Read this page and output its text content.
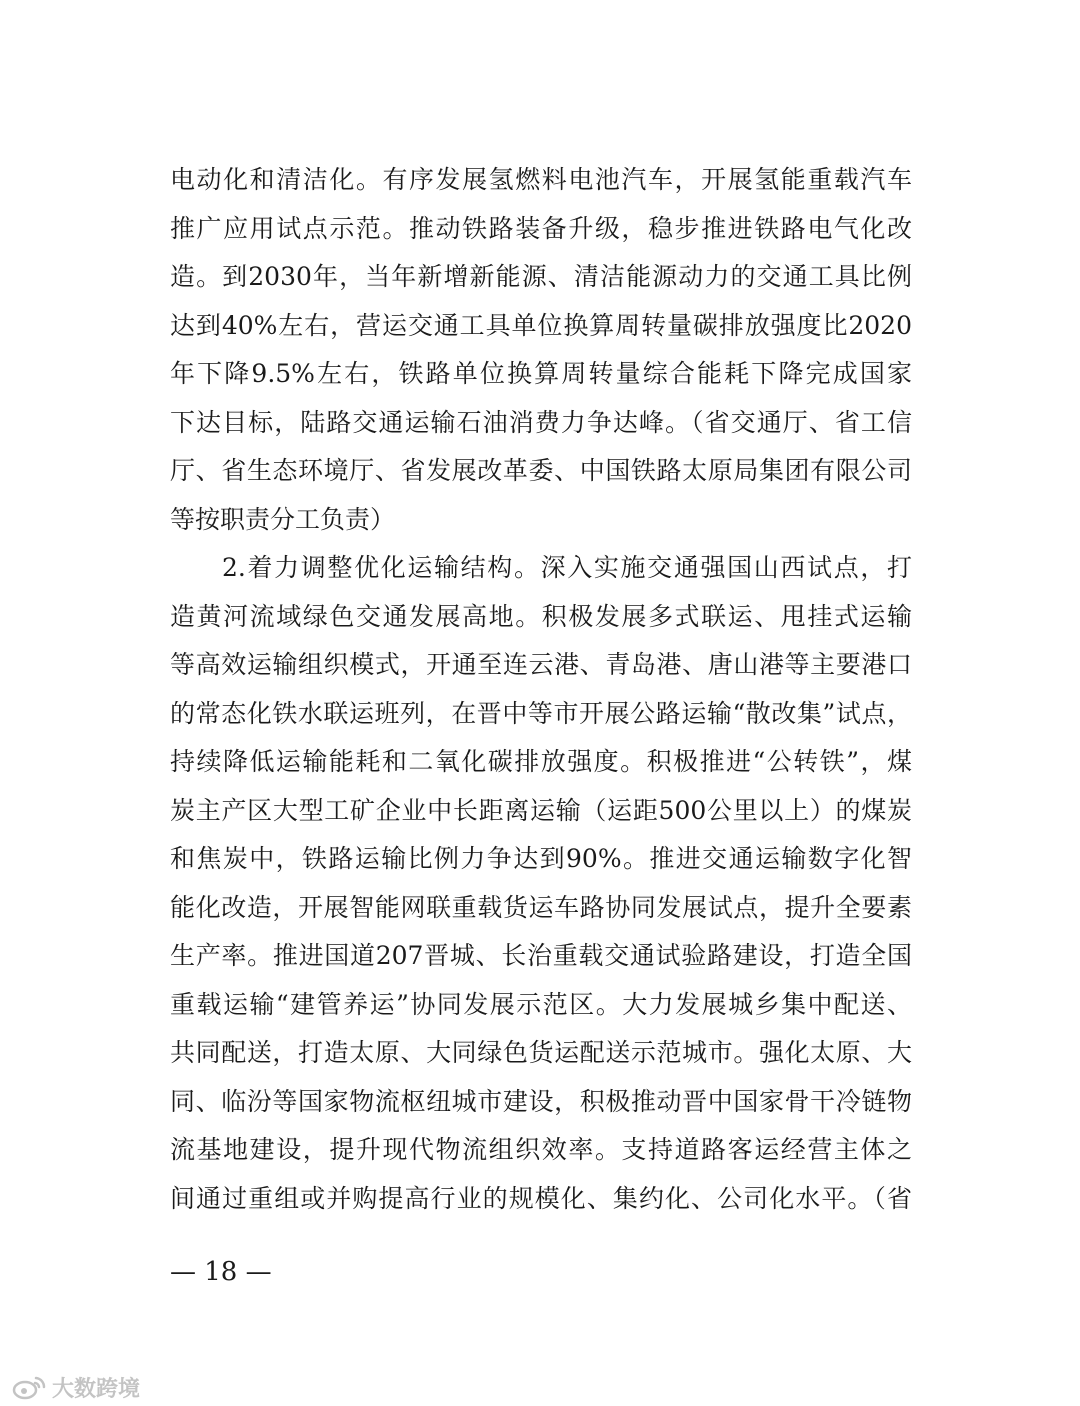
电动化和清洁化。有序发展氢燃料电池汽车，开展氢能重载汽车
推广应用试点示范。推动铁路装备升级，稳步推进铁路电气化改
造。到2030年，当年新增新能源、清洁能源动力的交通工具比例
达到40%左右，营运交通工具单位换算周转量碳排放强度比2020
年下降9.5%左右，铁路单位换算周转量综合能耗下降完成国家
下达目标，陆路交通运输石油消费力争达峰。（省交通厅、省工信
厅、省生态环境厅、省发展改革委、中国铁路太原局集团有限公司
等按职责分工负责）
2.着力调整优化运输结构。深入实施交通强国山西试点，打
造黄河流域绿色交通发展高地。积极发展多式联运、甩挂式运输
等高效运输组织模式，开通至连云港、青岛港、唐山港等主要港口
的常态化铁水联运班列，在晋中等市开展公路运输“散改集”试点，
持续降低运输能耗和二氧化碳排放强度。积极推进“公转铁”，煤
炭主产区大型工矿企业中长距离运输（运距500公里以上）的煤炭
和焦炭中，铁路运输比例力争达到90%。推进交通运输数字化智
能化改造，开展智能网联重载货运车路协同发展试点，提升全要素
生产率。推进国道207晋城、长治重载交通试验路建设，打造全国
重载运输“建管养运”协同发展示范区。大力发展城乡集中配送、
共同配送，打造太原、大同绿色货运配送示范城市。强化太原、大
同、临汾等国家物流枢纽城市建设，积极推动晋中国家骨干冷链物
流基地建设，提升现代物流组织效率。支持道路客运经营主体之
间通过重组或并购提高行业的规模化、集约化、公司化水平。（省
— 18 —
大数跨境
